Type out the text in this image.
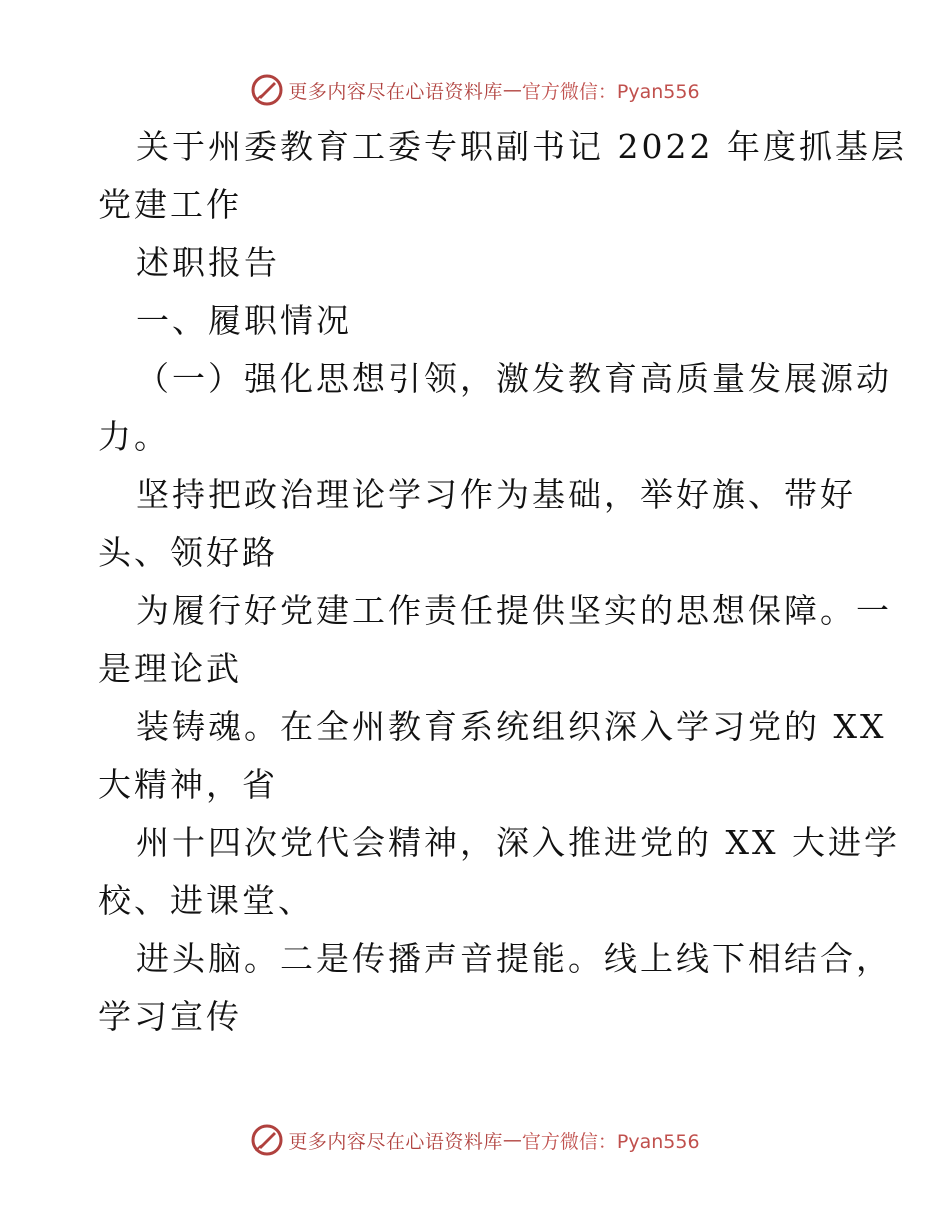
更多内容尽在心语资料库 — 官方微信：Pyan556

关于州委教育工委专职副书记 2022 年度抓基层

党建工作

述职报告

一、履职情况

（一）强化思想引领，激发教育高质量发展源动

力。

坚持把政治理论学习作为基础，举好旗、带好

头、领好路

为履行好党建工作责任提供坚实的思想保障。一

是理论武

装铸魂。在全州教育系统组织深入学习党的 XX

大精神，省

州十四次党代会精神，深入推进党的 XX 大进学

校、进课堂、

进头脑。二是传播声音提能。线上线下相结合，

学习宣传

更多内容尽在心语资料库 — 官方微信：Pyan556
